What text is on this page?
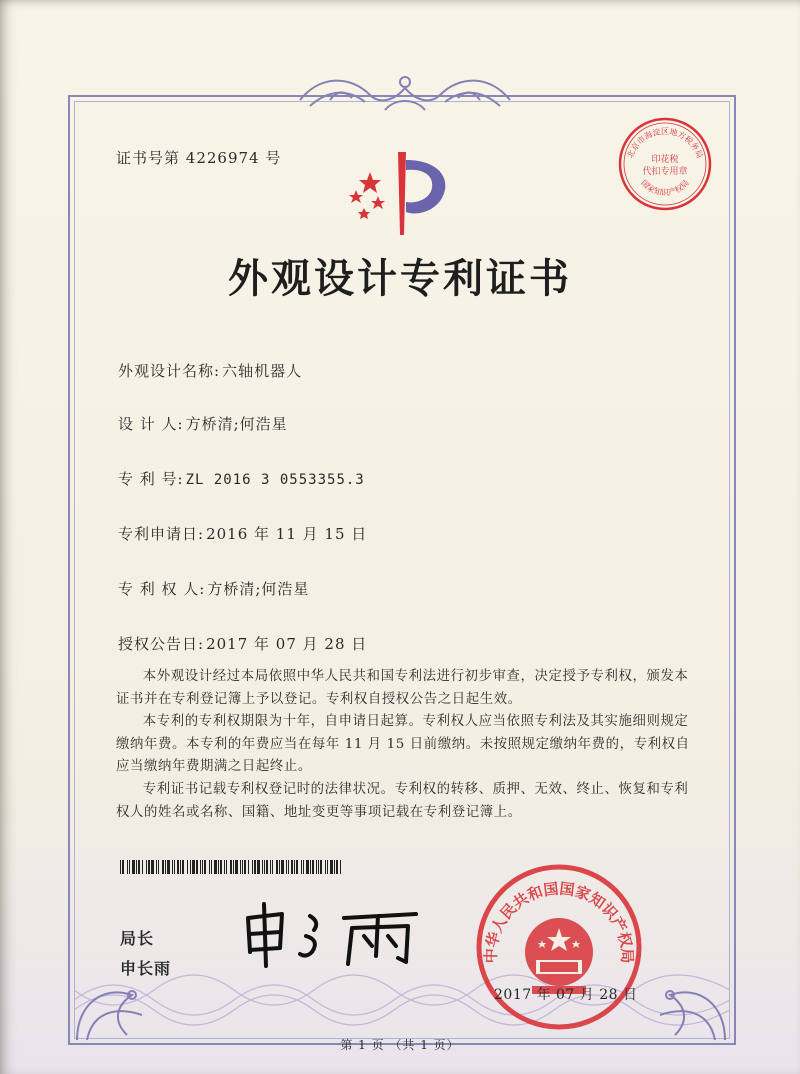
证书号第 4226974 号
外观设计专利证书
外观设计名称: 六轴机器人
设 计 人: 方桥清;何浩星
专 利 号: ZL 2016 3 0553355.3
专利申请日: 2016 年 11 月 15 日
专 利 权 人: 方桥清;何浩星
授权公告日: 2017 年 07 月 28 日

本外观设计经过本局依照中华人民共和国专利法进行初步审查，决定授予专利权，颁发本证书并在专利登记簿上予以登记。专利权自授权公告之日起生效。

本专利的专利权期限为十年，自申请日起算。专利权人应当依照专利法及其实施细则规定缴纳年费。本专利的年费应当在每年 11 月 15 日前缴纳。未按照规定缴纳年费的，专利权自应当缴纳年费期满之日起终止。

专利证书记载专利权登记时的法律状况。专利权的转移、质押、无效、终止、恢复和专利权人的姓名或名称、国籍、地址变更等事项记载在专利登记簿上。

局长
申长雨
中华人民共和国国家知识产权局
2017 年 07 月 28 日
北京市海淀区地方税务局
国家知识产权局
印花税
代扣专用章
第 1 页 （共 1 页）
